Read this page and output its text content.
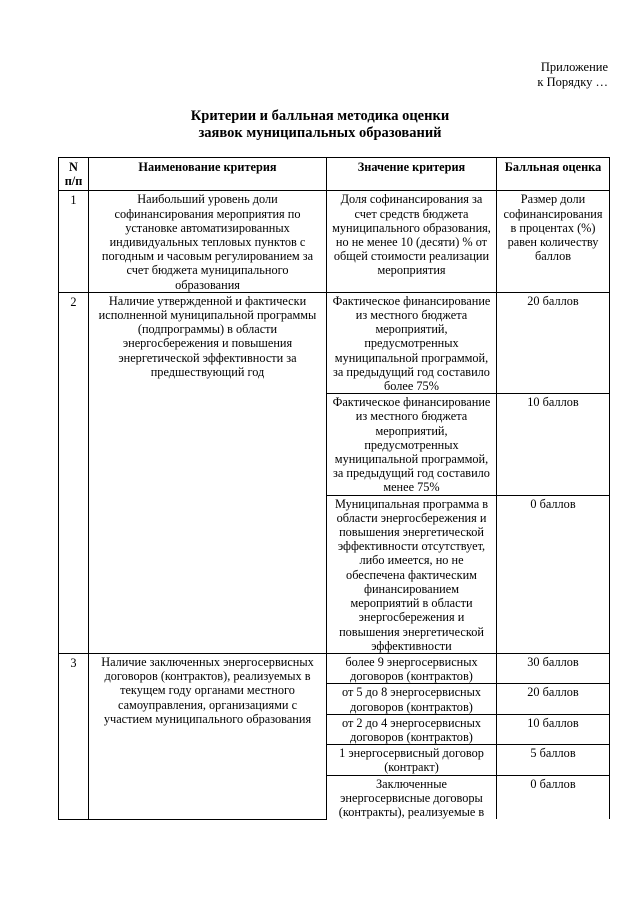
Приложение
к Порядку …
Критерии и балльная методика оценки
заявок муниципальных образований
N
п/п	Наименование критерия	Значение критерия	Балльная оценка
1	Наибольший уровень доли софинансирования мероприятия по установке автоматизированных индивидуальных тепловых пунктов с погодным и часовым регулированием за счет бюджета муниципального образования	Доля софинансирования за счет средств бюджета муниципального образования, но не менее 10 (десяти) % от общей стоимости реализации мероприятия	Размер доли софинансирования в процентах (%) равен количеству баллов
2	Наличие утвержденной и фактически исполненной муниципальной программы (подпрограммы) в области энергосбережения и повышения энергетической эффективности за предшествующий год	Фактическое финансирование из местного бюджета мероприятий, предусмотренных муниципальной программой, за предыдущий год составило более 75%	20 баллов
		Фактическое финансирование из местного бюджета мероприятий, предусмотренных муниципальной программой, за предыдущий год составило менее 75%	10 баллов
		Муниципальная программа в области энергосбережения и повышения энергетической эффективности отсутствует, либо имеется, но не обеспечена фактическим финансированием мероприятий в области энергосбережения и повышения энергетической эффективности	0 баллов
3	Наличие заключенных энергосервисных договоров (контрактов), реализуемых в текущем году органами местного самоуправления, организациями с участием муниципального образования	более 9 энергосервисных договоров (контрактов)	30 баллов
		от 5 до 8 энергосервисных договоров (контрактов)	20 баллов
		от 2 до 4 энергосервисных договоров (контрактов)	10 баллов
		1 энергосервисный договор (контракт)	5 баллов
		Заключенные энергосервисные договоры (контракты), реализуемые в	0 баллов
